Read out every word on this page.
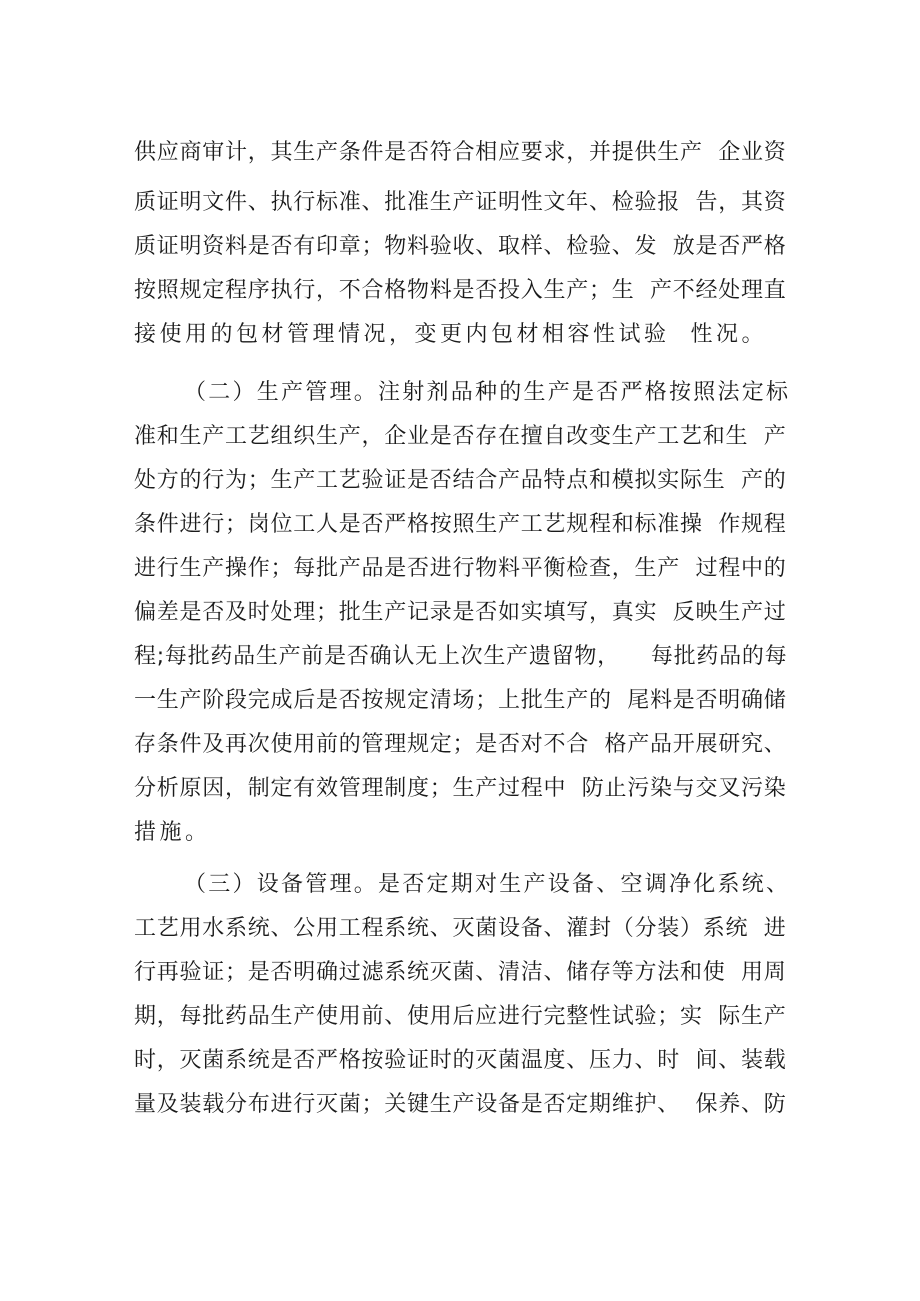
供应商审计，其生产条件是否符合相应要求，并提供生产  企业资
质证明文件、执行标准、批准生产证明性文年、检验报  告，其资
质证明资料是否有印章；物料验收、取样、检验、发  放是否严格
按照规定程序执行，不合格物料是否投入生产；生  产不经处理直
接使用的包材管理情况，变更内包材相容性试验  性况。
（二）生产管理。注射剂品种的生产是否严格按照法定标
准和生产工艺组织生产，企业是否存在擅自改变生产工艺和生  产
处方的行为；生产工艺验证是否结合产品特点和模拟实际生  产的
条件进行；岗位工人是否严格按照生产工艺规程和标准操  作规程
进行生产操作；每批产品是否进行物料平衡检查，生产  过程中的
偏差是否及时处理；批生产记录是否如实填写，真实  反映生产过
程;每批药品生产前是否确认无上次生产遗留物，    每批药品的每
一生产阶段完成后是否按规定清场；上批生产的  尾料是否明确储
存条件及再次使用前的管理规定；是否对不合  格产品开展研究、
分析原因，制定有效管理制度；生产过程中  防止污染与交叉污染
措施。
（三）设备管理。是否定期对生产设备、空调净化系统、
工艺用水系统、公用工程系统、灭菌设备、灌封（分装）系统  进
行再验证；是否明确过滤系统灭菌、清洁、储存等方法和使  用周
期，每批药品生产使用前、使用后应进行完整性试验；实  际生产
时，灭菌系统是否严格按验证时的灭菌温度、压力、时  间、装载
量及装载分布进行灭菌；关键生产设备是否定期维护、  保养、防
